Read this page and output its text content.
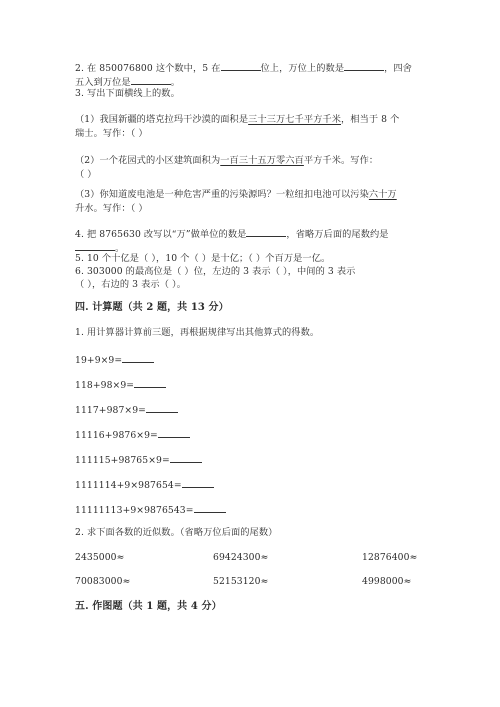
2. 在 850076800 这个数中，5 在	位上，万位上的数是	，四舍
五入到万位是	。
3. 写出下面横线上的数。
（1）我国新疆的塔克拉玛干沙漠的面积是三十三万七千平方千米，相当于 8 个
瑞士。写作：（ ）
（2）一个花园式的小区建筑面积为一百三十五万零六百平方千米。写作：
（ ）
（3）你知道废电池是一种危害严重的污染源吗？一粒纽扣电池可以污染六十万
升水。写作：（ ）
4. 把 8765630 改写以“万”做单位的数是	，省略万后面的尾数约是
。
5. 10 个十亿是（ ），10 个（ ）是十亿；（ ）个百万是一亿。
6. 303000 的最高位是（ ）位，左边的 3 表示（ ），中间的 3 表示
（ ），右边的 3 表示（ ）。
四. 计算题（共 2 题，共 13 分）
1. 用计算器计算前三题，再根据规律写出其他算式的得数。
19+9×9=
118+98×9=
1117+987×9=
11116+9876×9=
111115+98765×9=
1111114+9×987654=
11111113+9×9876543=
2. 求下面各数的近似数。（省略万位后面的尾数）
2435000≈	69424300≈	12876400≈
70083000≈	52153120≈	4998000≈
五. 作图题（共 1 题，共 4 分）
